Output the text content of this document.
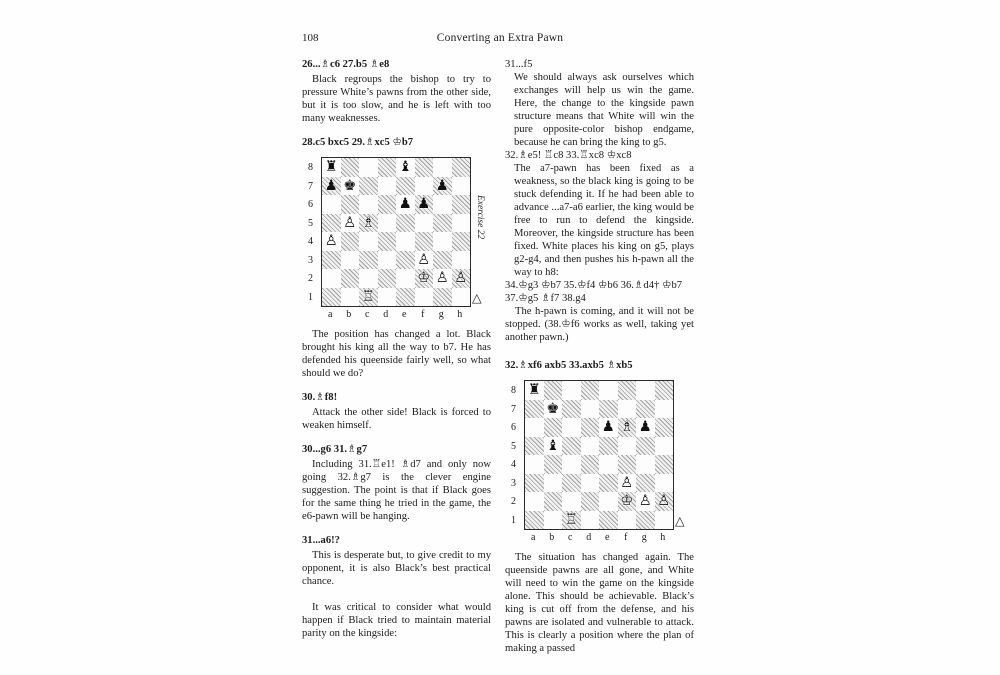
108	Converting an Extra Pawn
26...♗c6 27.b5 ♗e8
Black regroups the bishop to try to pressure White’s pawns from the other side, but it is too slow, and he is left with too many weaknesses.
28.c5 bxc5 29.♗xc5 ♔b7
8
7
6
5
4
3
2
1
♜	♝
♟ ♚	♟
♟ ♟
♙ ♗
♙
♙
♔ ♙ ♙
♖
a	b	c	d	e	f	g	h
Exercise 22
△
The position has changed a lot. Black brought his king all the way to b7. He has defended his queenside fairly well, so what should we do?
30.♗f8!
Attack the other side! Black is forced to weaken himself.
30...g6 31.♗g7
Including 31.♖e1! ♗d7 and only now going 32.♗g7 is the clever engine suggestion. The point is that if Black goes for the same thing he tried in the game, the e6-pawn will be hanging.
31...a6!?
This is desperate but, to give credit to my opponent, it is also Black’s best practical chance.
It was critical to consider what would happen if Black tried to maintain material parity on the kingside:
31...f5
We should always ask ourselves which exchanges will help us win the game. Here, the change to the kingside pawn structure means that White will win the pure opposite-color bishop endgame, because he can bring the king to g5.
32.♗e5! ♖c8 33.♖xc8 ♔xc8
The a7-pawn has been fixed as a weakness, so the black king is going to be stuck defending it. If he had been able to advance ...a7-a6 earlier, the king would be free to run to defend the kingside. Moreover, the kingside structure has been fixed. White places his king on g5, plays g2-g4, and then pushes his h-pawn all the way to h8:
34.♔g3 ♔b7 35.♔f4 ♔b6 36.♗d4† ♔b7 37.♔g5 ♗f7 38.g4
The h-pawn is coming, and it will not be stopped. (38.♔f6 works as well, taking yet another pawn.)
32.♗xf6 axb5 33.axb5 ♗xb5
8
7
6
5
4
3
2
1
♜
♚
♟ ♗ ♟
♝
♙
♔ ♙ ♙
♖
a	b	c	d	e	f	g	h
△
The situation has changed again. The queenside pawns are all gone, and White will need to win the game on the kingside alone. This should be achievable. Black’s king is cut off from the defense, and his pawns are isolated and vulnerable to attack. This is clearly a position where the plan of making a passed
